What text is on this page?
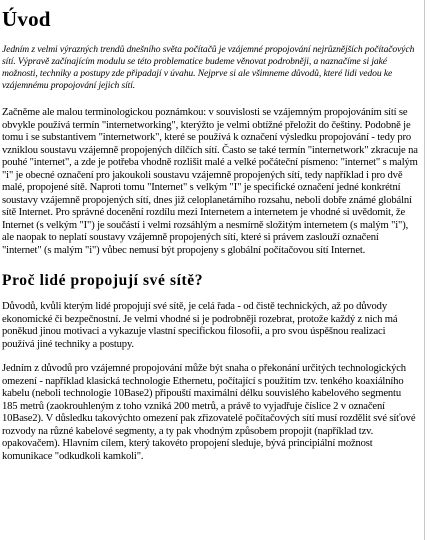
Úvod

Jedním z velmi výrazných trendů dnešního světa počítačů je vzájemné propojování nejrůznějších počítačových sítí. Výpravě začínajícím modulu se této problematice budeme věnovat podrobněji, a naznačíme si jaké možnosti, techniky a postupy zde připadají v úvahu. Nejprve si ale všimneme důvodů, které lidi vedou ke vzájemnému propojování jejich sítí.

Začněme ale malou terminologickou poznámkou: v souvislosti se vzájemným propojováním sítí se obvykle používá termín "internetworking", kterýžto je velmi obtížné přeložit do češtiny. Podobně je tomu i se substantivem "internetwork", které se používá k označení výsledku propojování - tedy pro vzniklou soustavu vzájemně propojených dílčích sítí. Často se také termín "internetwork" zkracuje na pouhé "internet", a zde je potřeba vhodně rozlišit malé a velké počáteční písmeno: "internet" s malým "i" je obecné označení pro jakoukoli soustavu vzájemně propojených sítí, tedy například i pro dvě malé, propojené sítě. Naproti tomu "Internet" s velkým "I" je specifické označení jedné konkrétní soustavy vzájemně propojených sítí, dnes již celoplanetárního rozsahu, neboli dobře známé globální sítě Internet. Pro správné docenění rozdílu mezi Internetem a internetem je vhodné si uvědomit, že Internet (s velkým "I") je součástí i velmi rozsáhlým a nesmírně složitým internetem (s malým "i"), ale naopak to neplatí soustavy vzájemně propojených sítí, které si právem zaslouží označení "internet" (s malým "i") vůbec nemusí být propojeny s globální počítačovou sítí Internet.

Proč lidé propojují své sítě?

Důvodů, kvůli kterým lidé propojují své sítě, je celá řada - od čistě technických, až po důvody ekonomické či bezpečnostní. Je velmi vhodné si je podrobněji rozebrat, protože každý z nich má poněkud jinou motivaci a vykazuje vlastní specifickou filosofii, a pro svou úspěšnou realizaci používá jiné techniky a postupy.

Jedním z důvodů pro vzájemné propojování může být snaha o překonání určitých technologických omezení - například klasická technologie Ethernetu, počítající s použitím tzv. tenkého koaxiálního kabelu (neboli technologie 10Base2) připouští maximální délku souvislého kabelového segmentu 185 metrů (zaokrouhleným z toho vzniká 200 metrů, a právě to vyjadřuje číslice 2 v označení 10Base2). V důsledku takovýchto omezení pak zřizovatelé počítačových sítí musí rozdělit své síťové rozvody na různé kabelové segmenty, a ty pak vhodným způsobem propojit (například tzv. opakovačem). Hlavním cílem, který takovéto propojení sleduje, bývá principiální možnost komunikace "odkudkoli kamkoli".
